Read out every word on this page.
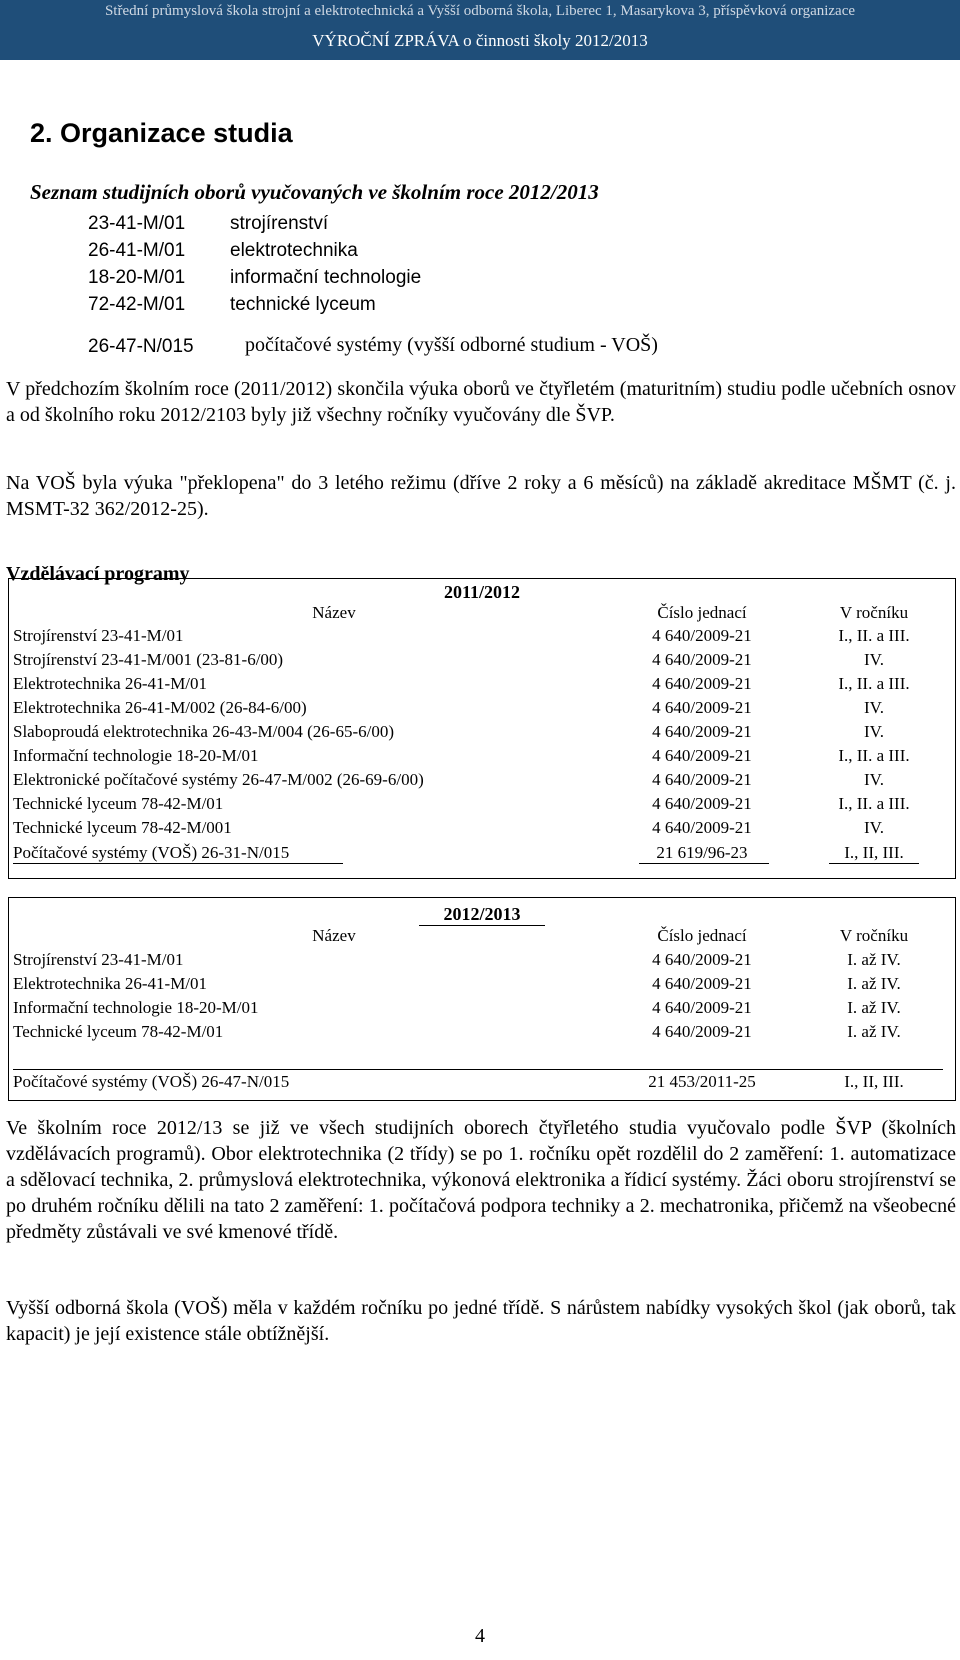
Střední průmyslová škola strojní a elektrotechnická a Vyšší odborná škola, Liberec 1, Masarykova 3, příspěvková organizace
VÝROČNÍ ZPRÁVA o činnosti školy 2012/2013
2. Organizace studia
Seznam studijních oborů vyučovaných ve školním roce 2012/2013
23-41-M/01 strojírenství
26-41-M/01 elektrotechnika
18-20-M/01 informační technologie
72-42-M/01 technické lyceum
26-47-N/015	počítačové systémy (vyšší odborné studium - VOŠ)
V předchozím školním roce (2011/2012) skončila výuka oborů ve čtyřletém (maturitním) studiu podle učebních osnov a od školního roku 2012/2103 byly již všechny ročníky vyučovány dle ŠVP.
Na VOŠ byla výuka "překlopena" do 3 letého režimu (dříve 2 roky a 6 měsíců) na základě akreditace MŠMT (č. j. MSMT-32 362/2012-25).
Vzdělávací programy
2011/2012
Název	Číslo jednací	V ročníku
Strojírenství 23-41-M/01	4 640/2009-21	I., II. a III.
Strojírenství 23-41-M/001 (23-81-6/00)	4 640/2009-21	IV.
Elektrotechnika 26-41-M/01	4 640/2009-21	I., II. a III.
Elektrotechnika 26-41-M/002 (26-84-6/00)	4 640/2009-21	IV.
Slaboproudá elektrotechnika 26-43-M/004 (26-65-6/00)	4 640/2009-21	IV.
Informační technologie 18-20-M/01	4 640/2009-21	I., II. a III.
Elektronické počítačové systémy 26-47-M/002 (26-69-6/00)	4 640/2009-21	IV.
Technické lyceum 78-42-M/01	4 640/2009-21	I., II. a III.
Technické lyceum 78-42-M/001	4 640/2009-21	IV.
Počítačové systémy (VOŠ) 26-31-N/015	21 619/96-23	I., II, III.
2012/2013
Název	Číslo jednací	V ročníku
Strojírenství 23-41-M/01	4 640/2009-21	I. až IV.
Elektrotechnika 26-41-M/01	4 640/2009-21	I. až IV.
Informační technologie 18-20-M/01	4 640/2009-21	I. až IV.
Technické lyceum 78-42-M/01	4 640/2009-21	I. až IV.
Počítačové systémy (VOŠ) 26-47-N/015	21 453/2011-25	I., II, III.
Ve školním roce 2012/13 se již ve všech studijních oborech čtyřletého studia vyučovalo podle ŠVP (školních vzdělávacích programů). Obor elektrotechnika (2 třídy) se po 1. ročníku opět rozdělil do 2 zaměření: 1. automatizace a sdělovací technika, 2. průmyslová elektrotechnika, výkonová elektronika a řídicí systémy. Žáci oboru strojírenství se po druhém ročníku dělili na tato 2 zaměření: 1. počítačová podpora techniky a 2. mechatronika, přičemž na všeobecné předměty zůstávali ve své kmenové třídě.
Vyšší odborná škola (VOŠ) měla v každém ročníku po jedné třídě. S nárůstem nabídky vysokých škol (jak oborů, tak kapacit) je její existence stále obtížnější.
4
